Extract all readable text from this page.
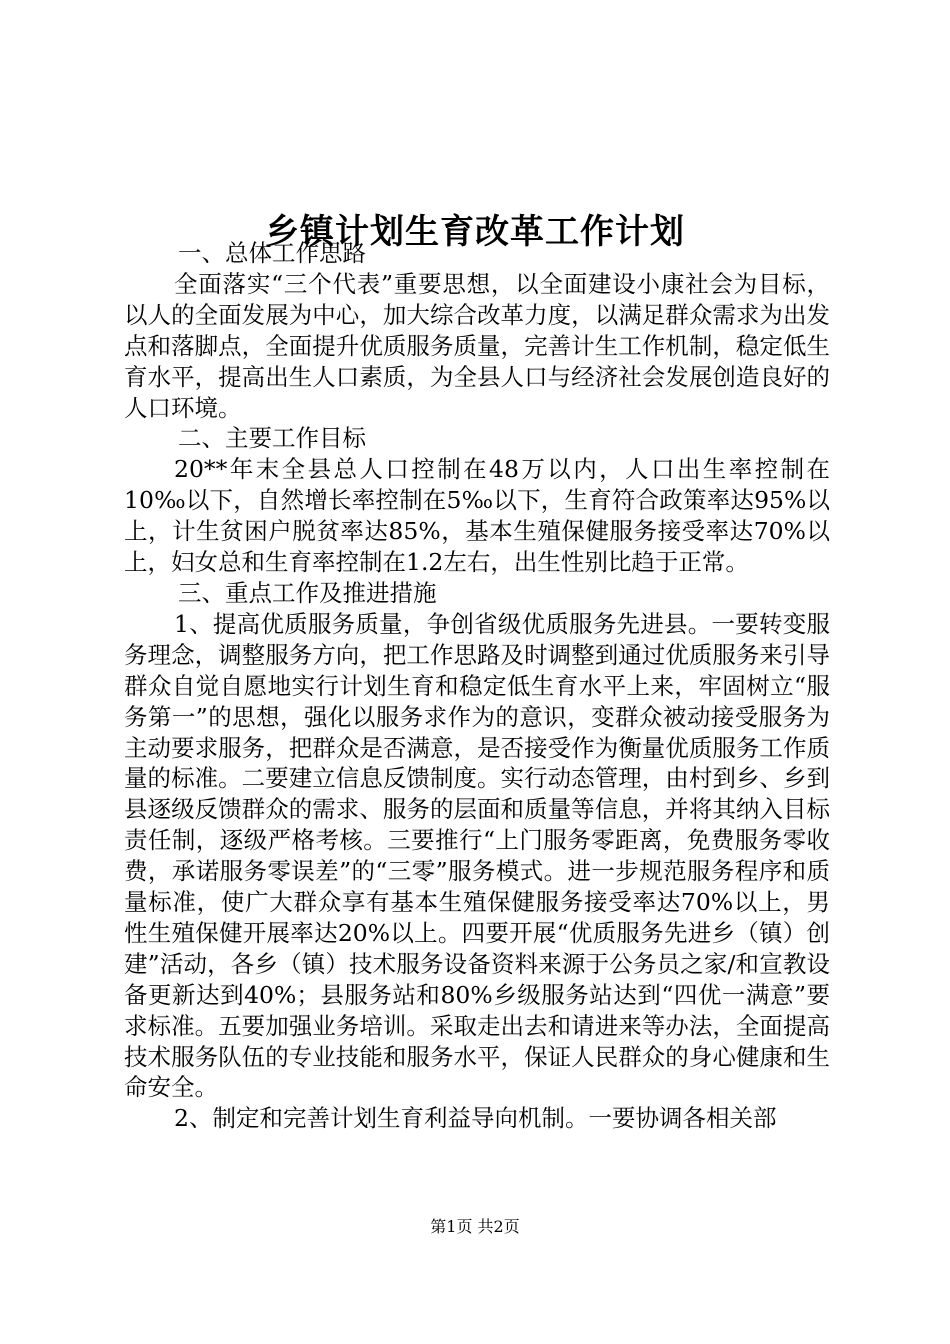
乡镇计划生育改革工作计划

一、总体工作思路

全面落实“三个代表”重要思想，以全面建设小康社会为目标，以人的全面发展为中心，加大综合改革力度，以满足群众需求为出发点和落脚点，全面提升优质服务质量，完善计生工作机制，稳定低生育水平，提高出生人口素质，为全县人口与经济社会发展创造良好的人口环境。

二、主要工作目标

20**年末全县总人口控制在48万以内，人口出生率控制在10‰以下，自然增长率控制在5‰以下，生育符合政策率达95%以上，计生贫困户脱贫率达85%，基本生殖保健服务接受率达70%以上，妇女总和生育率控制在1.2左右，出生性别比趋于正常。

三、重点工作及推进措施

1、提高优质服务质量，争创省级优质服务先进县。一要转变服务理念，调整服务方向，把工作思路及时调整到通过优质服务来引导群众自觉自愿地实行计划生育和稳定低生育水平上来，牢固树立“服务第一”的思想，强化以服务求作为的意识，变群众被动接受服务为主动要求服务，把群众是否满意，是否接受作为衡量优质服务工作质量的标准。二要建立信息反馈制度。实行动态管理，由村到乡、乡到县逐级反馈群众的需求、服务的层面和质量等信息，并将其纳入目标责任制，逐级严格考核。三要推行“上门服务零距离，免费服务零收费，承诺服务零误差”的“三零”服务模式。进一步规范服务程序和质量标准，使广大群众享有基本生殖保健服务接受率达70%以上，男性生殖保健开展率达20%以上。四要开展“优质服务先进乡（镇）创建”活动，各乡（镇）技术服务设备资料来源于公务员之家/和宣教设备更新达到40%；县服务站和80%乡级服务站达到“四优一满意”要求标准。五要加强业务培训。采取走出去和请进来等办法，全面提高技术服务队伍的专业技能和服务水平，保证人民群众的身心健康和生命安全。

2、制定和完善计划生育利益导向机制。一要协调各相关部

第1页 共2页
